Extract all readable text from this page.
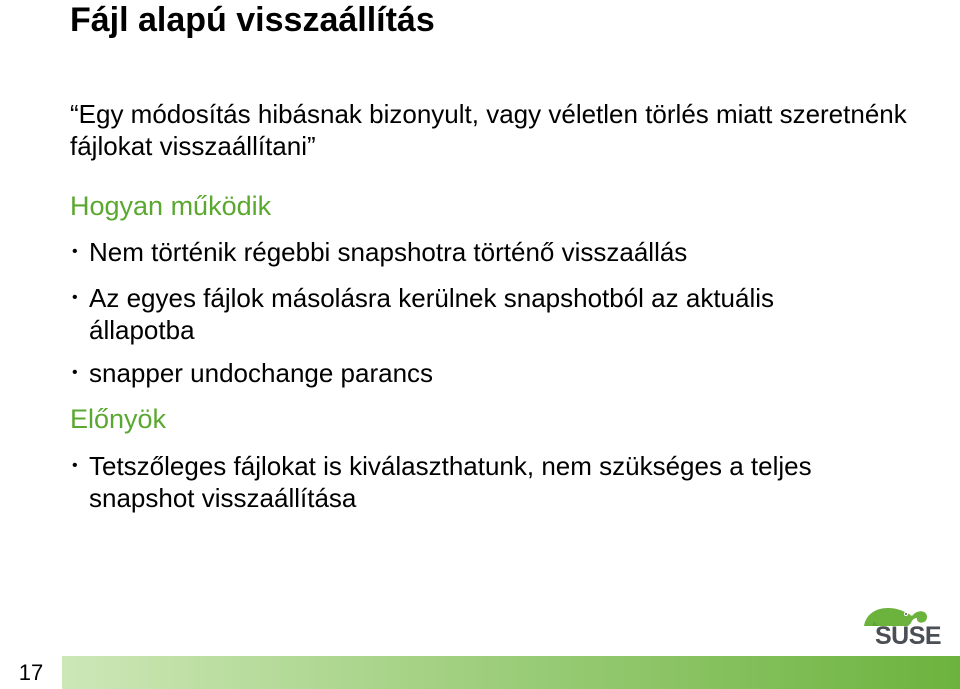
Fájl alapú visszaállítás
“Egy módosítás hibásnak bizonyult, vagy véletlen törlés miatt szeretnénk fájlokat visszaállítani”
Hogyan működik
• Nem történik régebbi snapshotra történő visszaállás
• Az egyes fájlok másolásra kerülnek snapshotból az aktuális állapotba
• snapper undochange parancs
Előnyök
• Tetszőleges fájlokat is kiválaszthatunk, nem szükséges a teljes snapshot visszaállítása
17
SUSE
